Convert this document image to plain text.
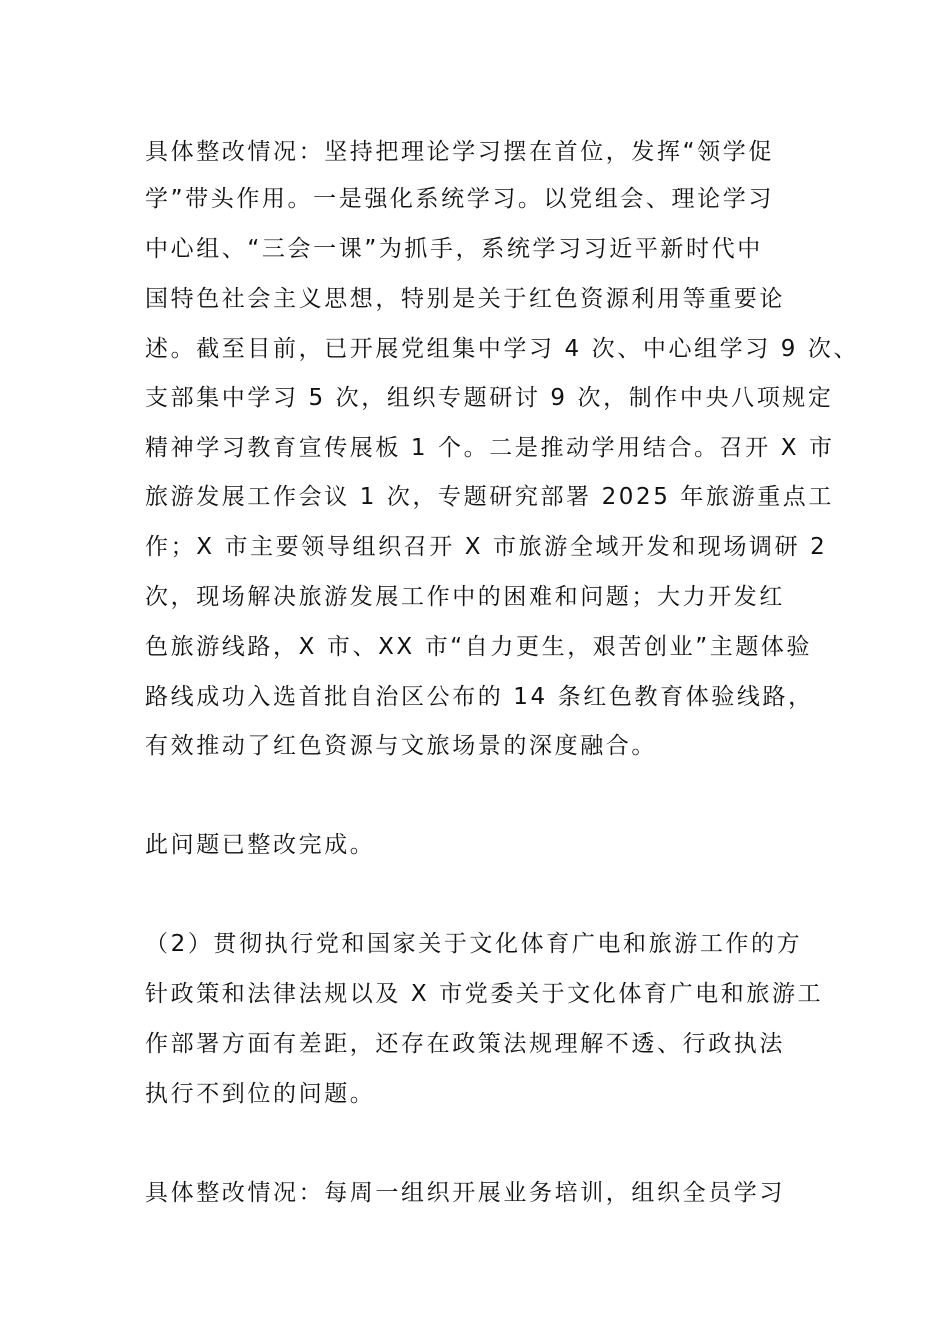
具体整改情况：坚持把理论学习摆在首位，发挥“领学促
学”带头作用。一是强化系统学习。以党组会、理论学习
中心组、“三会一课”为抓手，系统学习习近平新时代中
国特色社会主义思想，特别是关于红色资源利用等重要论
述。截至目前，已开展党组集中学习 4 次、中心组学习 9 次、
支部集中学习 5 次，组织专题研讨 9 次，制作中央八项规定
精神学习教育宣传展板 1 个。二是推动学用结合。召开 X 市
旅游发展工作会议 1 次，专题研究部署 2025 年旅游重点工
作；X 市主要领导组织召开 X 市旅游全域开发和现场调研 2
次，现场解决旅游发展工作中的困难和问题；大力开发红
色旅游线路，X 市、XX 市“自力更生，艰苦创业”主题体验
路线成功入选首批自治区公布的 14 条红色教育体验线路，
有效推动了红色资源与文旅场景的深度融合。
此问题已整改完成。
（2）贯彻执行党和国家关于文化体育广电和旅游工作的方
针政策和法律法规以及 X 市党委关于文化体育广电和旅游工
作部署方面有差距，还存在政策法规理解不透、行政执法
执行不到位的问题。
具体整改情况：每周一组织开展业务培训，组织全员学习
